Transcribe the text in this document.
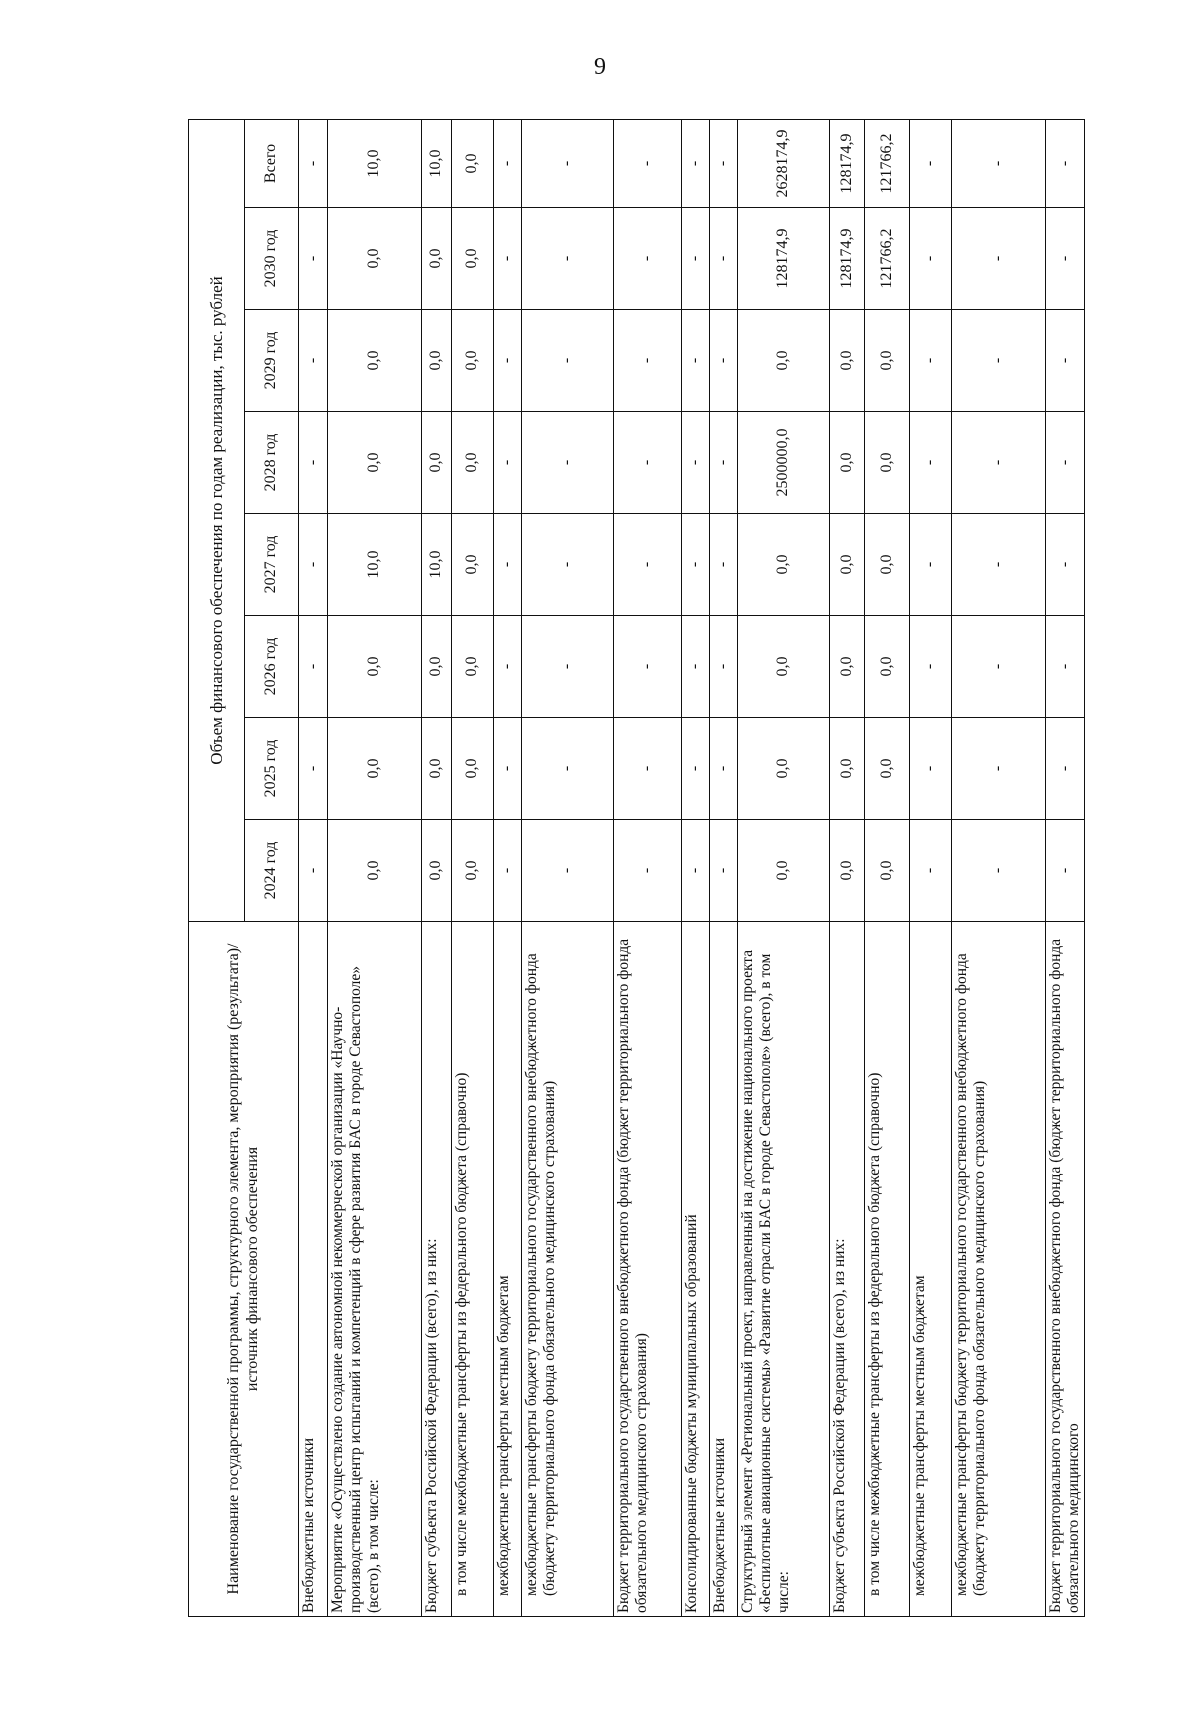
9
Наименование государственной программы, структурного элемента, мероприятия (результата)/источник финансового обеспечения	Объем финансового обеспечения по годам реализации, тыс. рублей							
	2024 год	2025 год	2026 год	2027 год	2028 год	2029 год	2030 год	Всего
Внебюджетные источники	-	-	-	-	-	-	-	-
Мероприятие «Осуществлено создание автономной некоммерческой организации «Научно-производственный центр испытаний и компетенций в сфере развития БАС в городе Севастополе» (всего), в том числе:	0,0	0,0	0,0	10,0	0,0	0,0	0,0	10,0
Бюджет субъекта Российской Федерации (всего), из них:	0,0	0,0	0,0	10,0	0,0	0,0	0,0	10,0
в том числе межбюджетные трансферты из федерального бюджета (справочно)	0,0	0,0	0,0	0,0	0,0	0,0	0,0	0,0
межбюджетные трансферты местным бюджетам	-	-	-	-	-	-	-	-
межбюджетные трансферты бюджету территориального государственного внебюджетного фонда (бюджету территориального фонда обязательного медицинского страхования)	-	-	-	-	-	-	-	-
Бюджет территориального государственного внебюджетного фонда (бюджет территориального фонда обязательного медицинского страхования)	-	-	-	-	-	-	-	-
Консолидированные бюджеты муниципальных образований	-	-	-	-	-	-	-	-
Внебюджетные источники	-	-	-	-	-	-	-	-
Структурный элемент «Региональный проект, направленный на достижение национального проекта «Беспилотные авиационные системы» «Развитие отрасли БАС в городе Севастополе» (всего), в том числе:	0,0	0,0	0,0	0,0	2500000,0	0,0	128174,9	2628174,9
Бюджет субъекта Российской Федерации (всего), из них:	0,0	0,0	0,0	0,0	0,0	0,0	128174,9	128174,9
в том числе межбюджетные трансферты из федерального бюджета (справочно)	0,0	0,0	0,0	0,0	0,0	0,0	121766,2	121766,2
межбюджетные трансферты местным бюджетам	-	-	-	-	-	-	-	-
межбюджетные трансферты бюджету территориального государственного внебюджетного фонда (бюджету территориального фонда обязательного медицинского страхования)	-	-	-	-	-	-	-	-
Бюджет территориального государственного внебюджетного фонда (бюджет территориального фонда обязательного медицинского	-	-	-	-	-	-	-	-
